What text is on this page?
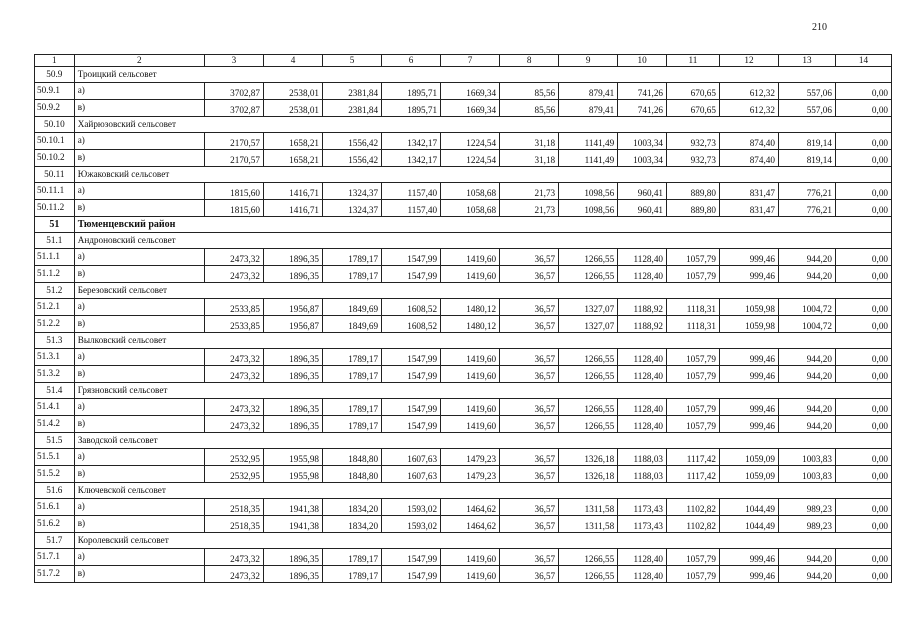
210
1	2	3	4	5	6	7	8	9	10	11	12	13	14
50.9	Троицкий сельсовет												
50.9.1	а)	3702,87	2538,01	2381,84	1895,71	1669,34	85,56	879,41	741,26	670,65	612,32	557,06	0,00
50.9.2	в)	3702,87	2538,01	2381,84	1895,71	1669,34	85,56	879,41	741,26	670,65	612,32	557,06	0,00
50.10	Хайрюзовский сельсовет												
50.10.1	а)	2170,57	1658,21	1556,42	1342,17	1224,54	31,18	1141,49	1003,34	932,73	874,40	819,14	0,00
50.10.2	в)	2170,57	1658,21	1556,42	1342,17	1224,54	31,18	1141,49	1003,34	932,73	874,40	819,14	0,00
50.11	Южаковский сельсовет												
50.11.1	а)	1815,60	1416,71	1324,37	1157,40	1058,68	21,73	1098,56	960,41	889,80	831,47	776,21	0,00
50.11.2	в)	1815,60	1416,71	1324,37	1157,40	1058,68	21,73	1098,56	960,41	889,80	831,47	776,21	0,00
51	Тюменцевский район												
51.1	Андроновский сельсовет												
51.1.1	а)	2473,32	1896,35	1789,17	1547,99	1419,60	36,57	1266,55	1128,40	1057,79	999,46	944,20	0,00
51.1.2	в)	2473,32	1896,35	1789,17	1547,99	1419,60	36,57	1266,55	1128,40	1057,79	999,46	944,20	0,00
51.2	Березовский сельсовет												
51.2.1	а)	2533,85	1956,87	1849,69	1608,52	1480,12	36,57	1327,07	1188,92	1118,31	1059,98	1004,72	0,00
51.2.2	в)	2533,85	1956,87	1849,69	1608,52	1480,12	36,57	1327,07	1188,92	1118,31	1059,98	1004,72	0,00
51.3	Вылковский сельсовет												
51.3.1	а)	2473,32	1896,35	1789,17	1547,99	1419,60	36,57	1266,55	1128,40	1057,79	999,46	944,20	0,00
51.3.2	в)	2473,32	1896,35	1789,17	1547,99	1419,60	36,57	1266,55	1128,40	1057,79	999,46	944,20	0,00
51.4	Грязновский сельсовет												
51.4.1	а)	2473,32	1896,35	1789,17	1547,99	1419,60	36,57	1266,55	1128,40	1057,79	999,46	944,20	0,00
51.4.2	в)	2473,32	1896,35	1789,17	1547,99	1419,60	36,57	1266,55	1128,40	1057,79	999,46	944,20	0,00
51.5	Заводской сельсовет												
51.5.1	а)	2532,95	1955,98	1848,80	1607,63	1479,23	36,57	1326,18	1188,03	1117,42	1059,09	1003,83	0,00
51.5.2	в)	2532,95	1955,98	1848,80	1607,63	1479,23	36,57	1326,18	1188,03	1117,42	1059,09	1003,83	0,00
51.6	Ключевской сельсовет												
51.6.1	а)	2518,35	1941,38	1834,20	1593,02	1464,62	36,57	1311,58	1173,43	1102,82	1044,49	989,23	0,00
51.6.2	в)	2518,35	1941,38	1834,20	1593,02	1464,62	36,57	1311,58	1173,43	1102,82	1044,49	989,23	0,00
51.7	Королевский сельсовет												
51.7.1	а)	2473,32	1896,35	1789,17	1547,99	1419,60	36,57	1266,55	1128,40	1057,79	999,46	944,20	0,00
51.7.2	в)	2473,32	1896,35	1789,17	1547,99	1419,60	36,57	1266,55	1128,40	1057,79	999,46	944,20	0,00
